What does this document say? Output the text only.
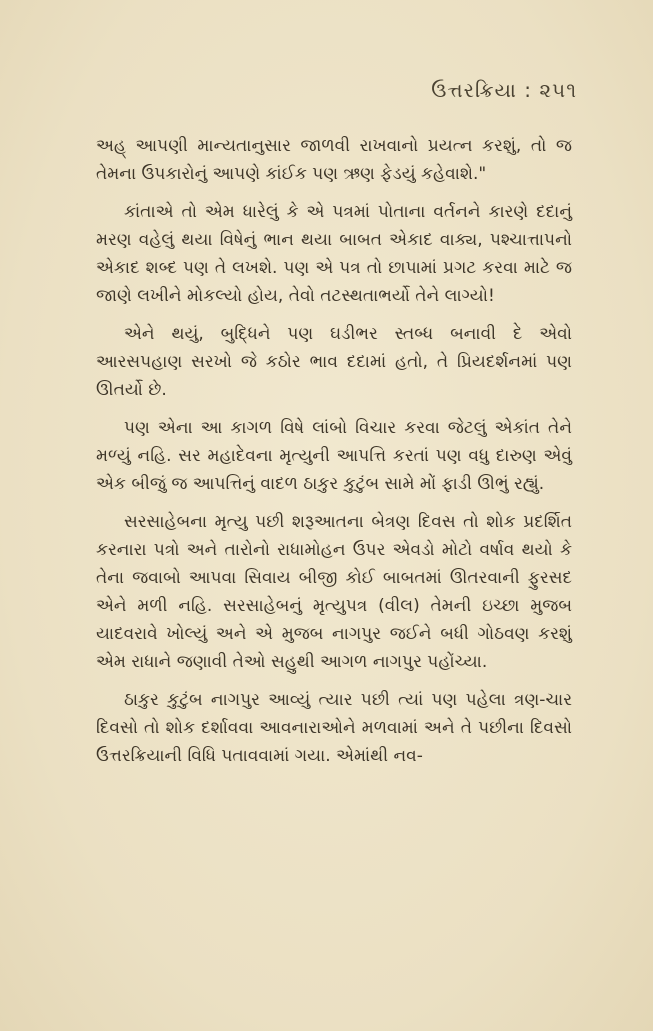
ઉત્તરક્રિયા : ૨૫૧

અહ્ આપણી માન્યતાનુસાર જાળવી રાખવાનો પ્રયત્ન કરશું, તો જ તેમના ઉપકારોનું આપણે કાંઈક પણ ઋણ ફેડયું કહેવાશે."

કાંતાએ તો એમ ધારેલું કે એ પત્રમાં પોતાના વર્તનને કારણે દદાનું મરણ વહેલું થયા વિષેનું ભાન થયા બાબત એકાદ વાક્ય, પશ્ચાત્તાપનો એકાદ શબ્દ પણ તે લખશે. પણ એ પત્ર તો છાપામાં પ્રગટ કરવા માટે જ જાણે લખીને મોકલ્યો હોય, તેવો તટસ્થતાભર્યો તેને લાગ્યો!

એને થયું, બુદ્ધિને પણ ઘડીભર સ્તબ્ધ બનાવી દે એવો આરસપહાણ સરખો જે કઠોર ભાવ દદામાં હતો, તે પ્રિયદર્શનમાં પણ ઊતર્યો છે.

પણ એના આ કાગળ વિષે લાંબો વિચાર કરવા જેટલું એકાંત તેને મળ્યું નહિ. સર મહાદેવના મૃત્યુની આપત્તિ કરતાં પણ વધુ દારુણ એવું એક બીજું જ આપત્તિનું વાદળ ઠાકુર કુટુંબ સામે મોં ફાડી ઊભું રહ્યું.

સરસાહેબના મૃત્યુ પછી શરૂઆતના બેત્રણ દિવસ તો શોક પ્રદર્શિત કરનારા પત્રો અને તારોનો રાધામોહન ઉપર એવડો મોટો વર્ષાવ થયો કે તેના જવાબો આપવા સિવાય બીજી કોઈ બાબતમાં ઊતરવાની ફુરસદ એને મળી નહિ. સરસાહેબનું મૃત્યુપત્ર (વીલ) તેમની ઇચ્છા મુજબ યાદવરાવે ખોલ્યું અને એ મુજબ નાગપુર જઈને બધી ગોઠવણ કરશું એમ રાધાને જણાવી તેઓ સહુથી આગળ નાગપુર પહોંચ્યા.

ઠાકુર કુટુંબ નાગપુર આવ્યું ત્યાર પછી ત્યાં પણ પહેલા ત્રણ-ચાર દિવસો તો શોક દર્શાવવા આવનારાઓને મળવામાં અને તે પછીના દિવસો ઉત્તરક્રિયાની વિધિ પતાવવામાં ગયા. એમાંથી નવ-
